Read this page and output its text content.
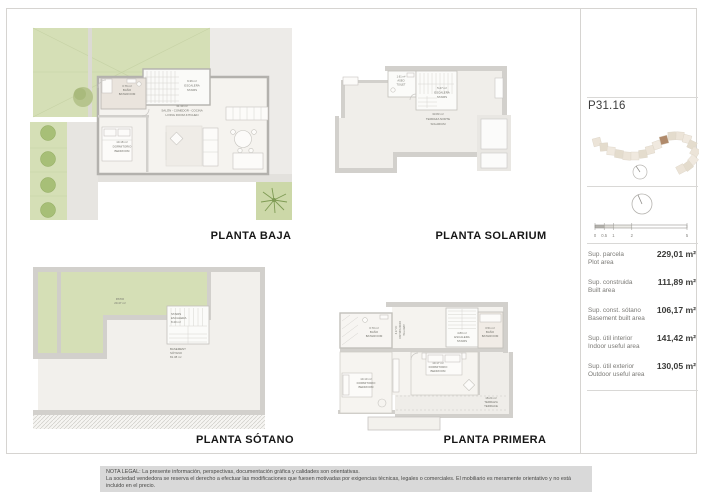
3.76 m²
BAÑO
BATHROOM
9.36 m²
ESCALERA
STAIRS
31.39 m²
SALÓN - COMEDOR - COCINA
LIVING ROOM-KITCHEN
10.18 m²
DORMITORIO
BEDROOM
PLANTA BAJA
1.61 m²
ASEO
TOILET
5.27 m²
ESCALERA
STAIRS
33.83 m²
TERRAZA NORTE
SOLARIUM
PLANTA SOLARIUM
PATIO
20.47 m²
STAIRS
ESCALERA
8.40 m²
BASEMENT
SÓTANO
81.38 m²
PLANTA SÓTANO
3.70 m²
BAÑO
BATHROOM
3.17 m² DISTRIBUIDOR HALLWAY	4.80 m²
ESCALERA
STAIRS
3.51 m²
BAÑO
BATHROOM
10.17 m²
DORMITORIO
BEDROOM
10.10 m²
DORMITORIO
BEDROOM
18.24 m²
TERRAZA
TERRACE
PLANTA PRIMERA
P31.16
0 0.5 1	2	5
Sup. parcela
Plot area
229,01 m²
Sup. construida
Built area
111,89 m²
Sup. const. sótano
Basement built area
106,17 m²
Sup. útil interior
Indoor useful area
141,42 m²
Sup. útil exterior
Outdoor useful area
130,05 m²
NOTA LEGAL: La presente información, perspectivas, documentación gráfica y calidades son orientativas.
La sociedad vendedora se reserva el derecho a efectuar las modificaciones que fuesen motivadas por exigencias técnicas, legales o comerciales. El mobiliario es meramente orientativo y no está incluido en el precio.
